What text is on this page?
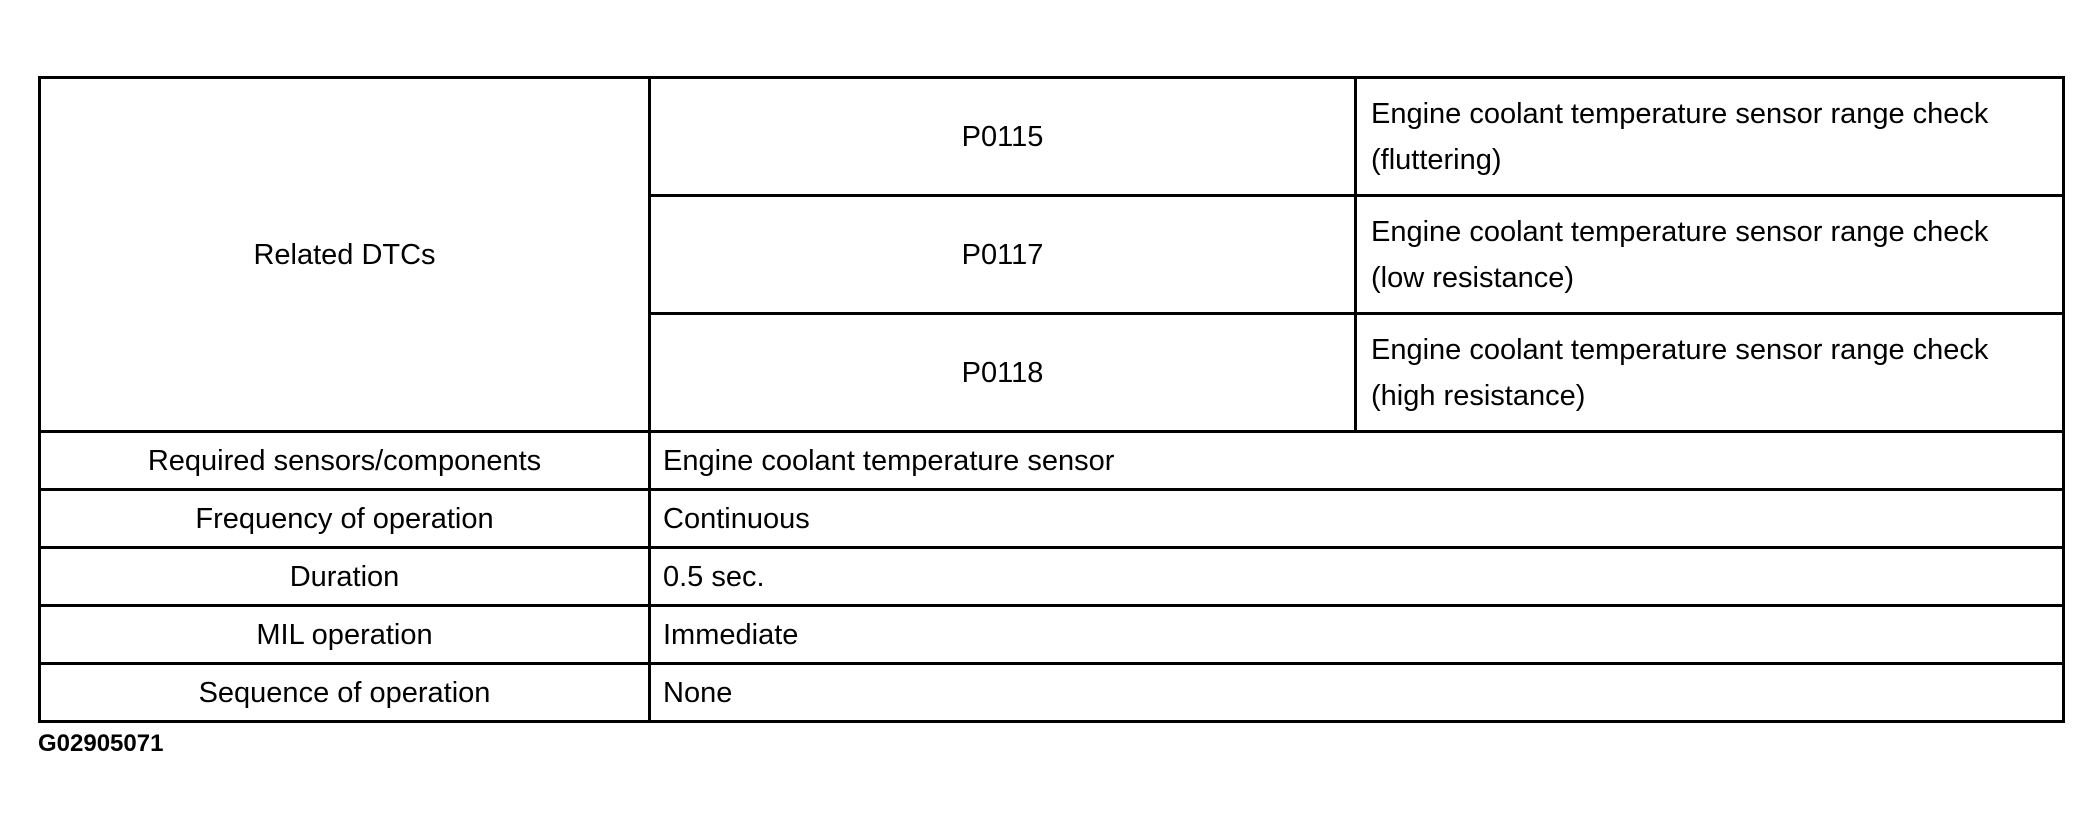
Related DTCs	P0115	Engine coolant temperature sensor range check
(fluttering)

	P0117	Engine coolant temperature sensor range check
(low resistance)

	P0118	Engine coolant temperature sensor range check
(high resistance)

Required sensors/components	Engine coolant temperature sensor	
Frequency of operation	Continuous	
Duration	0.5 sec.	
MIL operation	Immediate	
Sequence of operation	None	
G02905071
